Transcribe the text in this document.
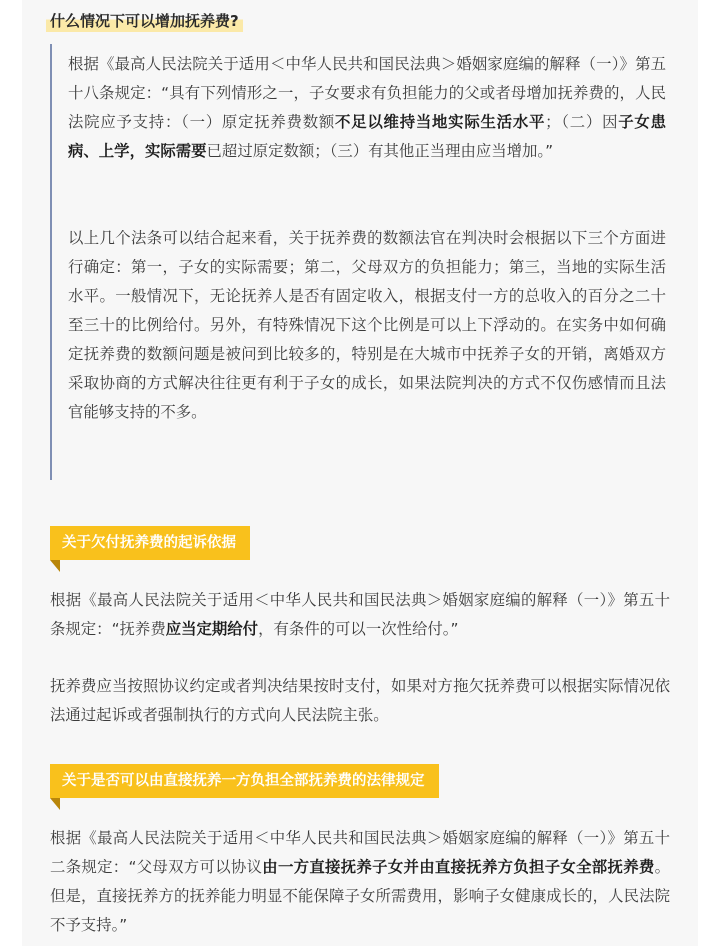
什么情况下可以增加抚养费?

根据《最高人民法院关于适用＜中华人民共和国民法典＞婚姻家庭编的解释（一）》第五十八条规定：“具有下列情形之一，子女要求有负担能力的父或者母增加抚养费的，人民法院应予支持：（一）原定抚养费数额不足以维持当地实际生活水平；（二）因子女患病、上学，实际需要已超过原定数额；（三）有其他正当理由应当增加。”

以上几个法条可以结合起来看，关于抚养费的数额法官在判决时会根据以下三个方面进行确定：第一，子女的实际需要；第二，父母双方的负担能力；第三，当地的实际生活水平。一般情况下，无论抚养人是否有固定收入，根据支付一方的总收入的百分之二十至三十的比例给付。另外，有特殊情况下这个比例是可以上下浮动的。在实务中如何确定抚养费的数额问题是被问到比较多的，特别是在大城市中抚养子女的开销，离婚双方采取协商的方式解决往往更有利于子女的成长，如果法院判决的方式不仅伤感情而且法官能够支持的不多。

关于欠付抚养费的起诉依据

根据《最高人民法院关于适用＜中华人民共和国民法典＞婚姻家庭编的解释（一）》第五十条规定：“抚养费应当定期给付，有条件的可以一次性给付。”

抚养费应当按照协议约定或者判决结果按时支付，如果对方拖欠抚养费可以根据实际情况依法通过起诉或者强制执行的方式向人民法院主张。

关于是否可以由直接抚养一方负担全部抚养费的法律规定

根据《最高人民法院关于适用＜中华人民共和国民法典＞婚姻家庭编的解释（一）》第五十二条规定：“父母双方可以协议由一方直接抚养子女并由直接抚养方负担子女全部抚养费。但是，直接抚养方的抚养能力明显不能保障子女所需费用，影响子女健康成长的，人民法院不予支持。”
